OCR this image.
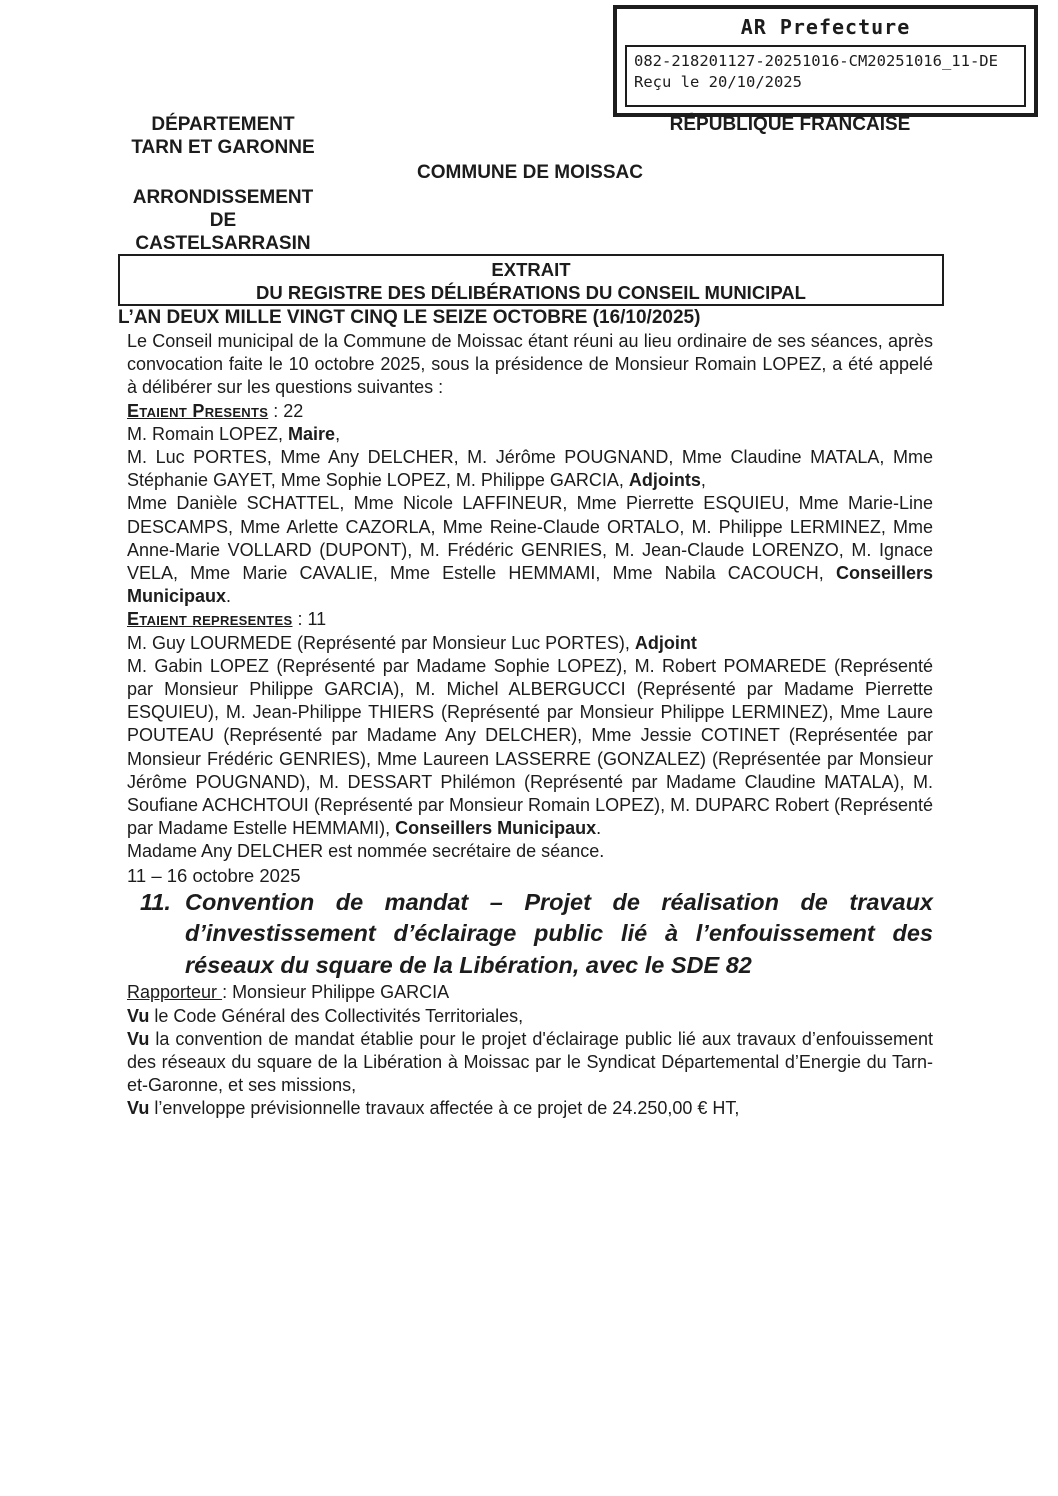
AR Prefecture
082-218201127-20251016-CM20251016_11-DE
Reçu le 20/10/2025
DÉPARTEMENT
TARN ET GARONNE
RÉPUBLIQUE FRANCAISE
COMMUNE DE MOISSAC
ARRONDISSEMENT
DE
CASTELSARRASIN
EXTRAIT
DU REGISTRE DES DÉLIBÉRATIONS DU CONSEIL MUNICIPAL
L’AN DEUX MILLE VINGT CINQ LE SEIZE OCTOBRE (16/10/2025)

Le Conseil municipal de la Commune de Moissac étant réuni au lieu ordinaire de ses séances, après convocation faite le 10 octobre 2025, sous la présidence de Monsieur Romain LOPEZ, a été appelé à délibérer sur les questions suivantes :

Etaient Presents : 22

M. Romain LOPEZ, Maire,

M. Luc PORTES, Mme Any DELCHER, M. Jérôme POUGNAND, Mme Claudine MATALA, Mme Stéphanie GAYET, Mme Sophie LOPEZ, M. Philippe GARCIA, Adjoints,

Mme Danièle SCHATTEL, Mme Nicole LAFFINEUR, Mme Pierrette ESQUIEU, Mme Marie-Line DESCAMPS, Mme Arlette CAZORLA, Mme Reine-Claude ORTALO, M. Philippe LERMINEZ, Mme Anne-Marie VOLLARD (DUPONT), M. Frédéric GENRIES, M. Jean-Claude LORENZO, M. Ignace VELA, Mme Marie CAVALIE, Mme Estelle HEMMAMI, Mme Nabila CACOUCH, Conseillers Municipaux.

Etaient representes : 11

M. Guy LOURMEDE (Représenté par Monsieur Luc PORTES), Adjoint

M. Gabin LOPEZ (Représenté par Madame Sophie LOPEZ), M. Robert POMAREDE (Représenté par Monsieur Philippe GARCIA), M. Michel ALBERGUCCI (Représenté par Madame Pierrette ESQUIEU), M. Jean-Philippe THIERS (Représenté par Monsieur Philippe LERMINEZ), Mme Laure POUTEAU (Représenté par Madame Any DELCHER), Mme Jessie COTINET (Représentée par Monsieur Frédéric GENRIES), Mme Laureen LASSERRE (GONZALEZ) (Représentée par Monsieur Jérôme POUGNAND), M. DESSART Philémon (Représenté par Madame Claudine MATALA), M. Soufiane ACHCHTOUI (Représenté par Monsieur Romain LOPEZ), M. DUPARC Robert (Représenté par Madame Estelle HEMMAMI), Conseillers Municipaux.

Madame Any DELCHER est nommée secrétaire de séance.

11 – 16 octobre 2025

11. Convention de mandat – Projet de réalisation de travaux d’investissement d’éclairage public lié à l’enfouissement des réseaux du square de la Libération, avec le SDE 82

Rapporteur : Monsieur Philippe GARCIA

Vu le Code Général des Collectivités Territoriales,

Vu la convention de mandat établie pour le projet d'éclairage public lié aux travaux d’enfouissement des réseaux du square de la Libération à Moissac par le Syndicat Départemental d’Energie du Tarn-et-Garonne, et ses missions,

Vu l’enveloppe prévisionnelle travaux affectée à ce projet de 24.250,00 € HT,
